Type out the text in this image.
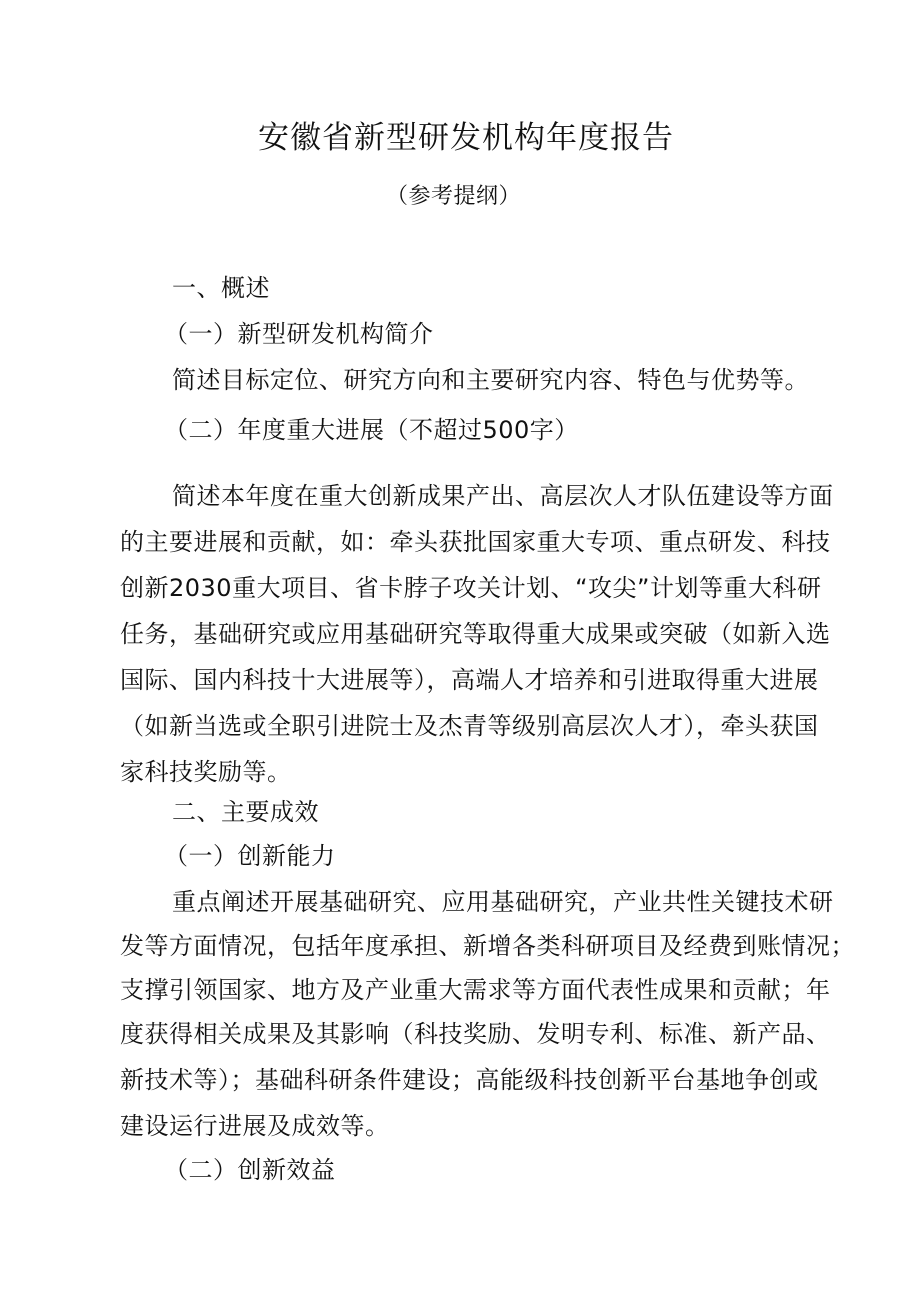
安徽省新型研发机构年度报告
（参考提纲）
一、概述
（一）新型研发机构简介
简述目标定位、研究方向和主要研究内容、特色与优势等。
（二）年度重大进展（不超过500字）
简述本年度在重大创新成果产出、高层次人才队伍建设等方面
的主要进展和贡献，如：牵头获批国家重大专项、重点研发、科技
创新2030重大项目、省卡脖子攻关计划、“攻尖”计划等重大科研
任务，基础研究或应用基础研究等取得重大成果或突破（如新入选
国际、国内科技十大进展等），高端人才培养和引进取得重大进展
（如新当选或全职引进院士及杰青等级别高层次人才），牵头获国
家科技奖励等。
二、主要成效
（一）创新能力
重点阐述开展基础研究、应用基础研究，产业共性关键技术研
发等方面情况，包括年度承担、新增各类科研项目及经费到账情况；
支撑引领国家、地方及产业重大需求等方面代表性成果和贡献；年
度获得相关成果及其影响（科技奖励、发明专利、标准、新产品、
新技术等）；基础科研条件建设；高能级科技创新平台基地争创或
建设运行进展及成效等。
（二）创新效益
